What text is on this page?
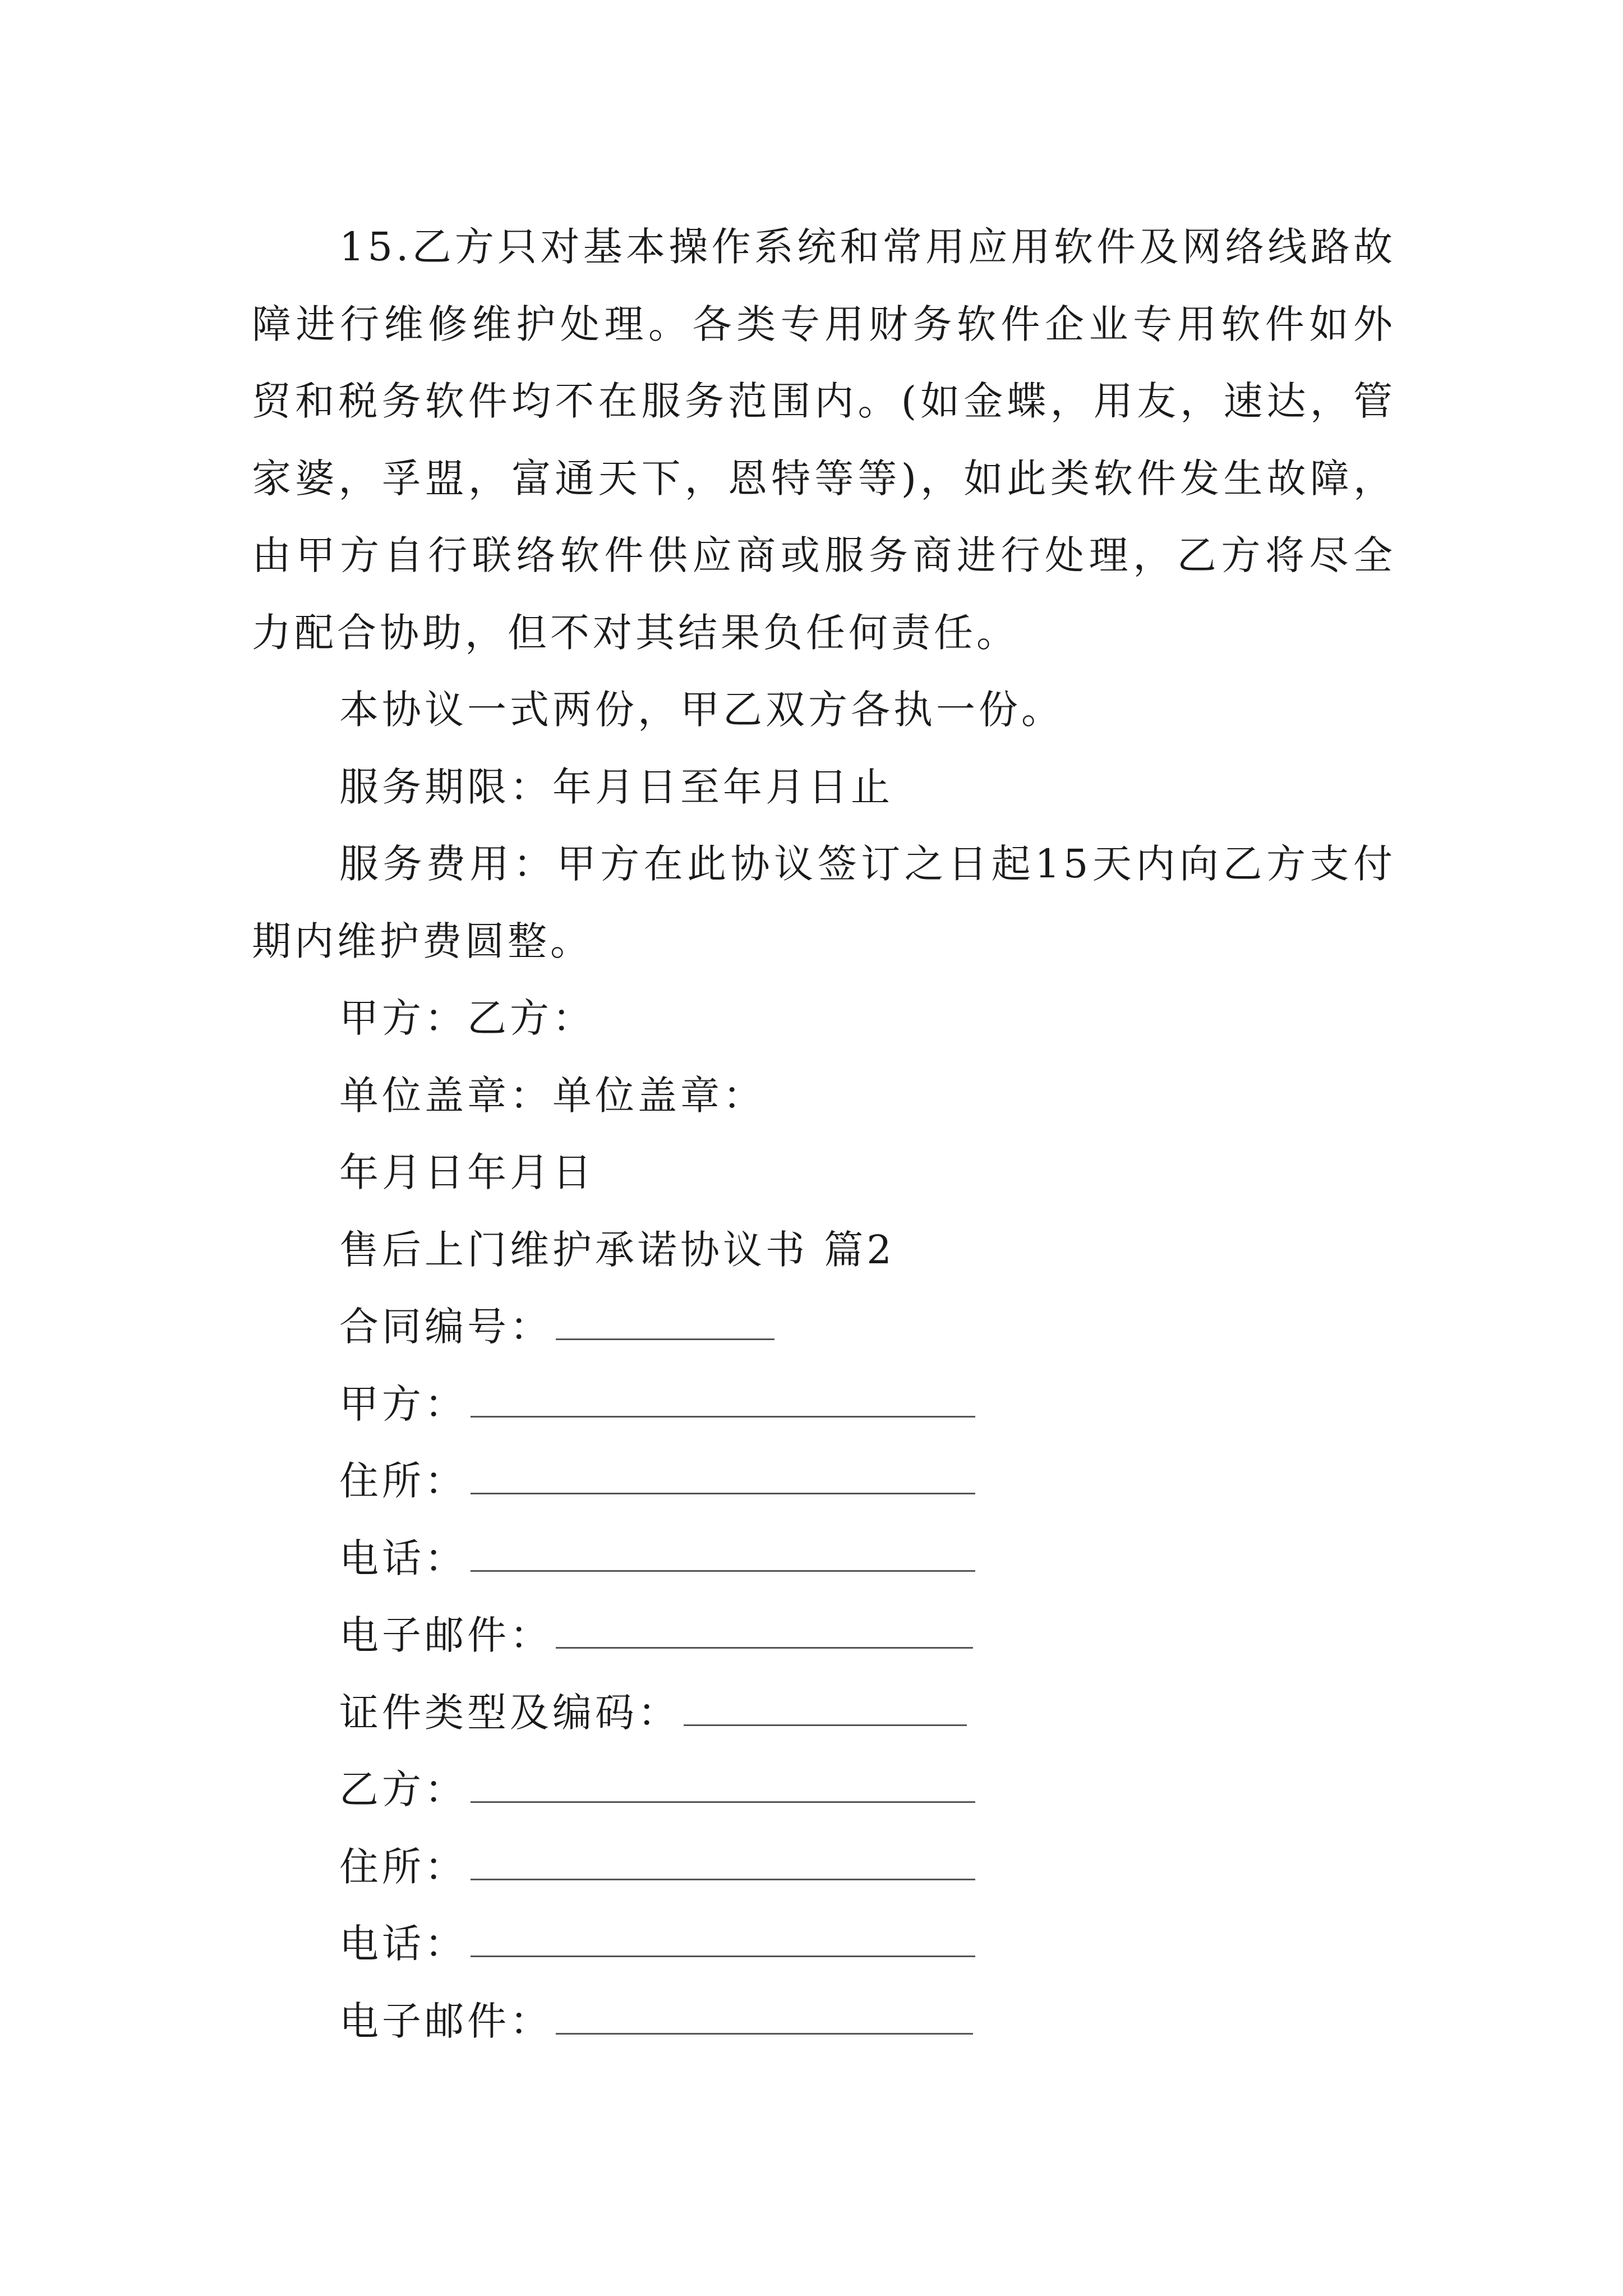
15.乙方只对基本操作系统和常用应用软件及网络线路故障进行维修维护处理。各类专用财务软件企业专用软件如外贸和税务软件均不在服务范围内。(如金蝶，用友，速达，管家婆，孚盟，富通天下，恩特等等)，如此类软件发生故障，由甲方自行联络软件供应商或服务商进行处理，乙方将尽全力配合协助，但不对其结果负任何责任。

本协议一式两份，甲乙双方各执一份。

服务期限：年月日至年月日止

服务费用：甲方在此协议签订之日起15天内向乙方支付期内维护费圆整。

甲方：乙方：

单位盖章：单位盖章：

年月日年月日

售后上门维护承诺协议书 篇2

合同编号：
甲方：
住所：
电话：
电子邮件：
证件类型及编码：
乙方：
住所：
电话：
电子邮件：
